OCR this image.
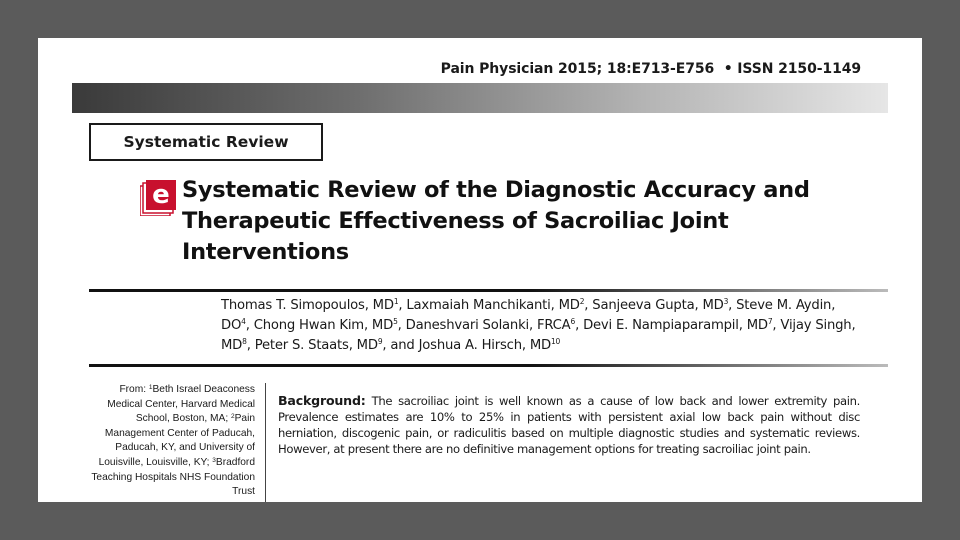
Pain Physician 2015; 18:E713-E756 • ISSN 2150-1149
Systematic Review
e Systematic Review of the Diagnostic Accuracy and Therapeutic Effectiveness of Sacroiliac Joint Interventions
Thomas T. Simopoulos, $MD^1$, Laxmaiah Manchikanti, $MD^2$, Sanjeeva Gupta, $MD^3$, Steve M. Aydin, $DO^4$, Chong Hwan Kim, $MD^5$, Daneshvari Solanki, FRCA$^6$, Devi E. Nampiaparampil, $MD^7$, Vijay Singh, $MD^8$, Peter S. Staats, $MD^9$, and Joshua A. Hirsch, MD$^{10}$
From: $^1$Beth Israel Deaconess Medical Center, Harvard Medical School, Boston, MA; $^2$Pain Management Center of Paducah, Paducah, KY, and University of Louisville, Louisville, KY; $^3$Bradford Teaching Hospitals NHS Foundation Trust
Background: The sacroiliac joint is well known as a cause of low back and lower extremity pain. Prevalence estimates are 10% to 25% in patients with persistent axial low back pain without disc herniation, discogenic pain, or radiculitis based on multiple diagnostic studies and systematic reviews. However, at present there are no definitive management options for treating sacroiliac joint pain.
